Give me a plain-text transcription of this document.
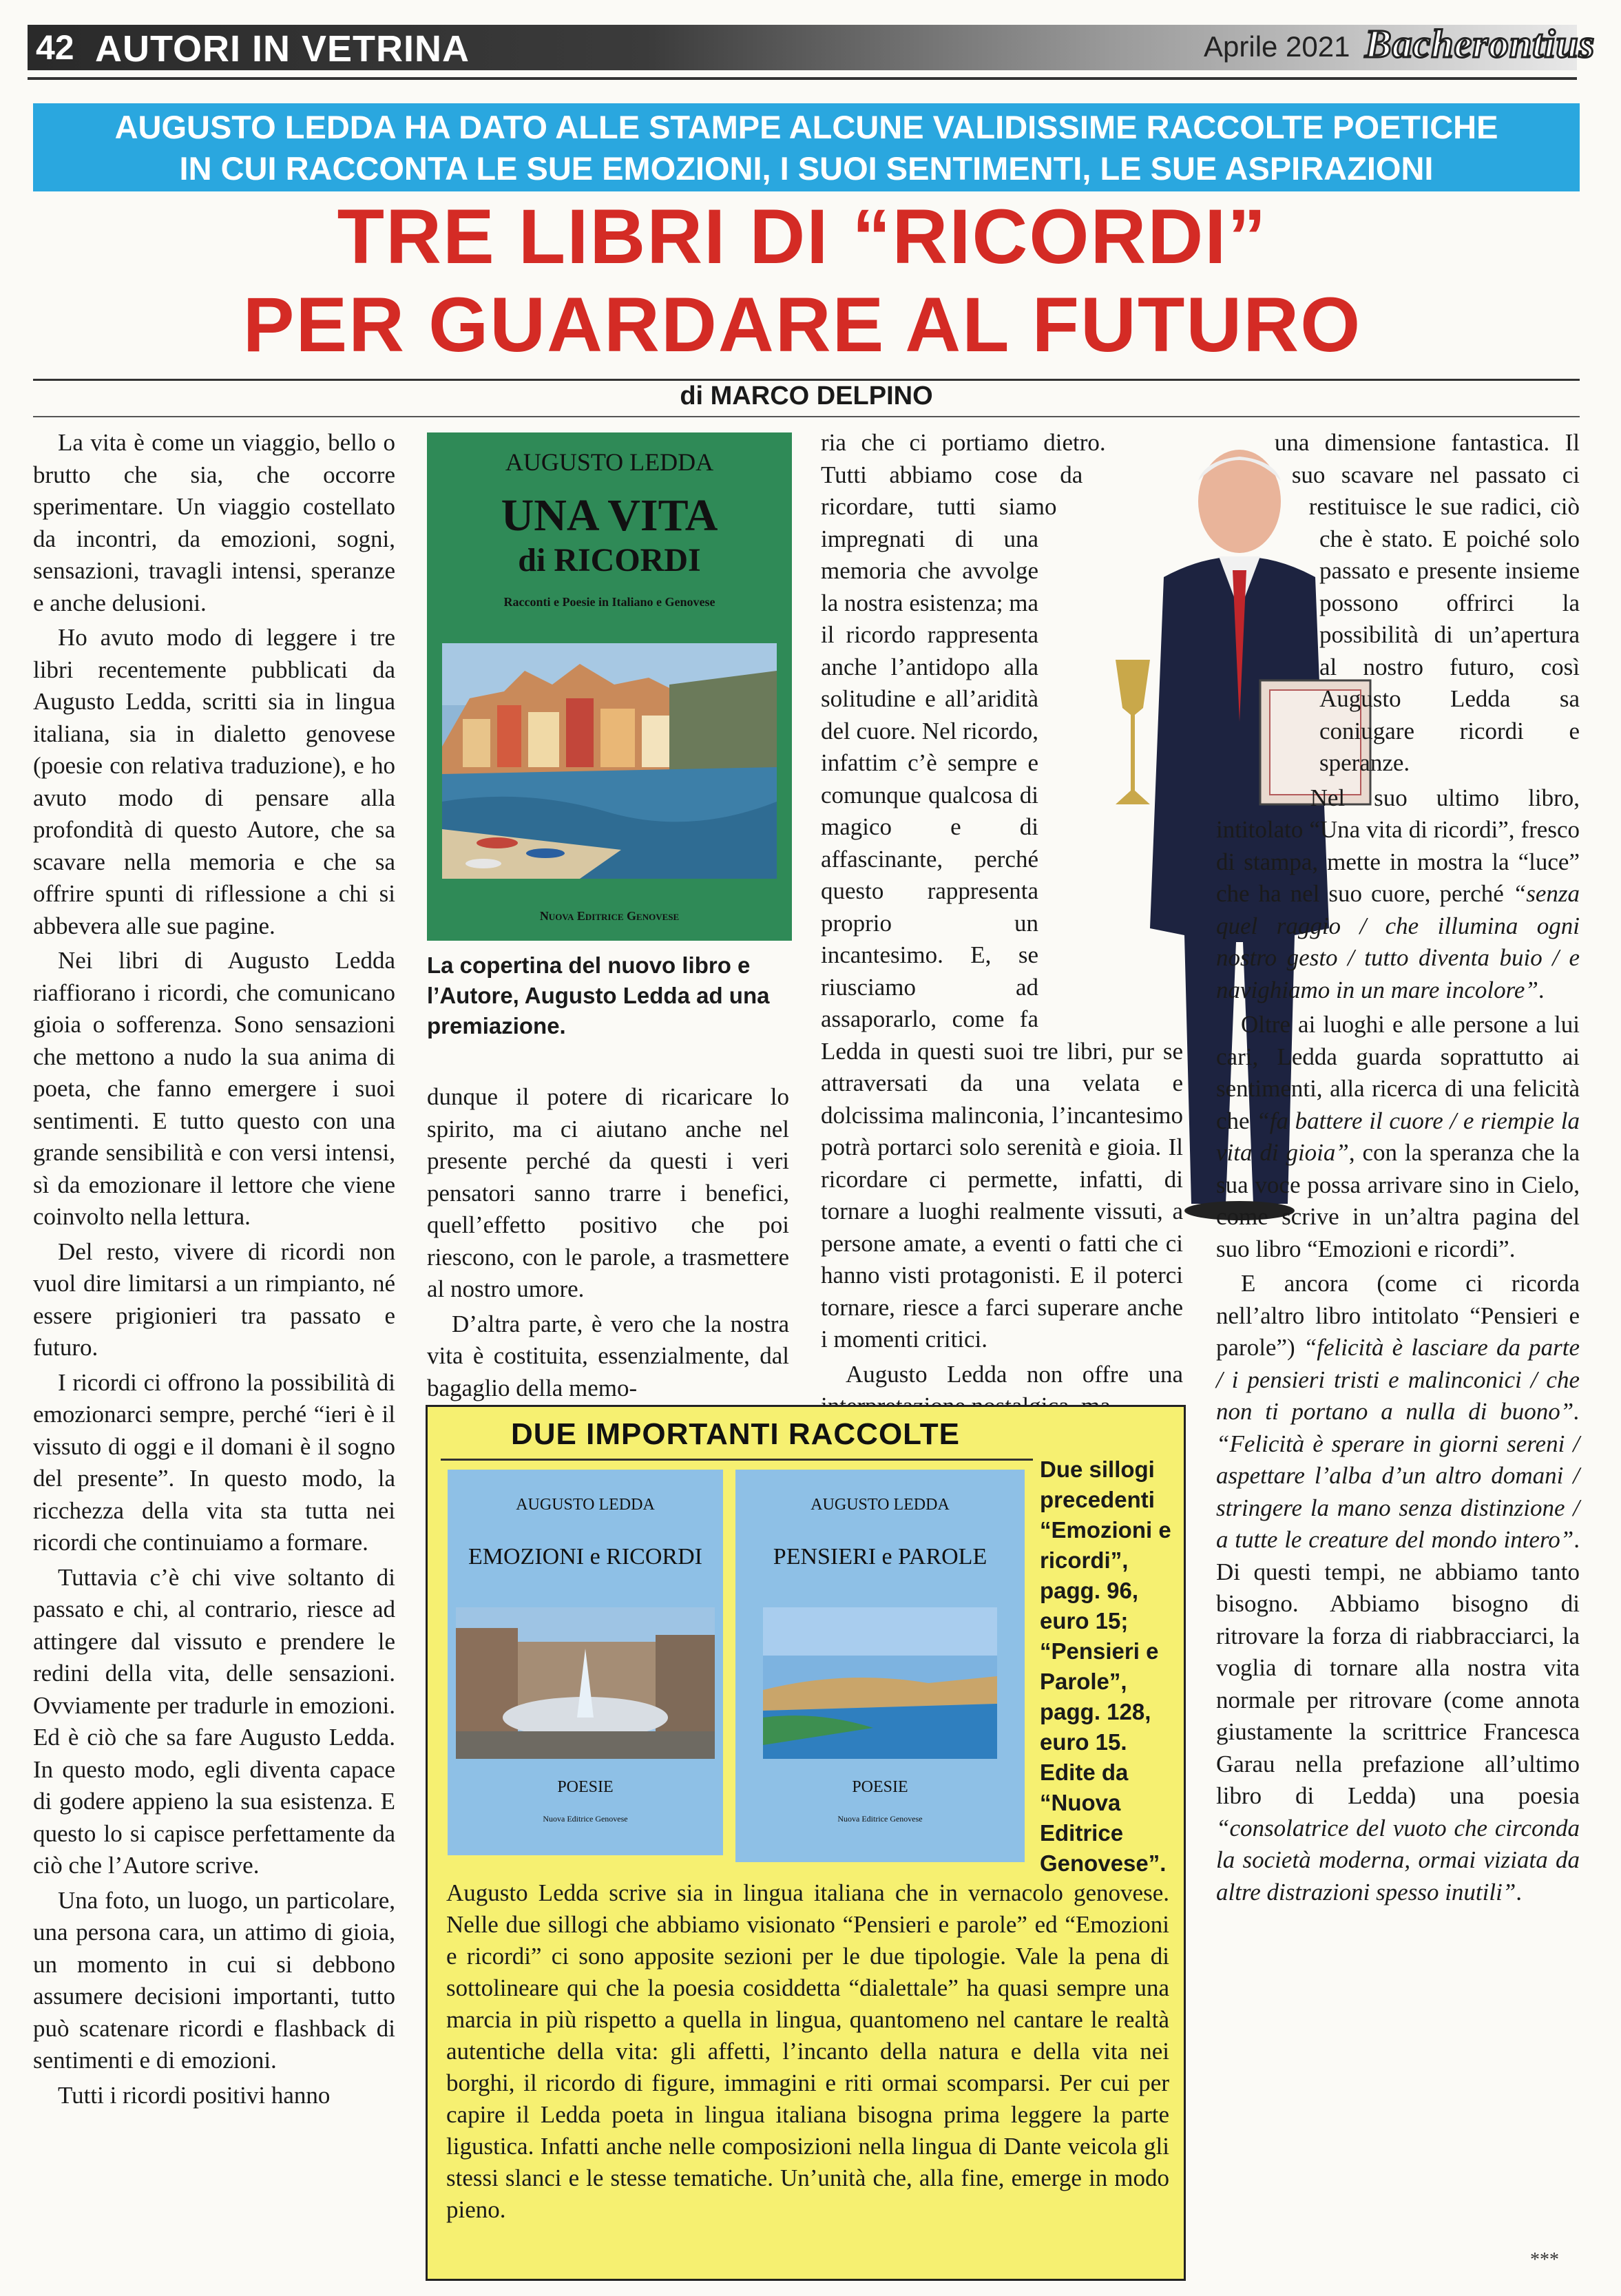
42 AUTORI IN VETRINA	Aprile 2021 Bacherontius
AUGUSTO LEDDA HA DATO ALLE STAMPE ALCUNE VALIDISSIME RACCOLTE POETICHE
IN CUI RACCONTA LE SUE EMOZIONI, I SUOI SENTIMENTI, LE SUE ASPIRAZIONI
TRE LIBRI DI “RICORDI”
PER GUARDARE AL FUTURO
di MARCO DELPINO

La vita è come un viaggio, bello o brutto che sia, che occorre sperimentare. Un viaggio costellato da incontri, da emozioni, sogni, sensazioni, travagli intensi, speranze e anche delusioni.

Ho avuto modo di leggere i tre libri recentemente pubblicati da Augusto Ledda, scritti sia in lingua italiana, sia in dialetto genovese (poesie con relativa traduzione), e ho avuto modo di pensare alla profondità di questo Autore, che sa scavare nella memoria e che sa offrire spunti di riflessione a chi si abbevera alle sue pagine.

Nei libri di Augusto Ledda riaffiorano i ricordi, che comunicano gioia o sofferenza. Sono sensazioni che mettono a nudo la sua anima di poeta, che fanno emergere i suoi sentimenti. E tutto questo con una grande sensibilità e con versi intensi, sì da emozionare il lettore che viene coinvolto nella lettura.

Del resto, vivere di ricordi non vuol dire limitarsi a un rimpianto, né essere prigionieri tra passato e futuro.

I ricordi ci offrono la possibilità di emozionarci sempre, perché “ieri è il vissuto di oggi e il domani è il sogno del presente”. In questo modo, la ricchezza della vita sta tutta nei ricordi che continuiamo a formare.

Tuttavia c’è chi vive soltanto di passato e chi, al contrario, riesce ad attingere dal vissuto e prendere le redini della vita, delle sensazioni. Ovviamente per tradurle in emozioni. Ed è ciò che sa fare Augusto Ledda. In questo modo, egli diventa capace di godere appieno la sua esistenza. E questo lo si capisce perfettamente da ciò che l’Autore scrive.

Una foto, un luogo, un particolare, una persona cara, un attimo di gioia, un momento in cui si debbono assumere decisioni importanti, tutto può scatenare ricordi e flashback di sentimenti e di emozioni.

Tutti i ricordi positivi hanno

AUGUSTO LEDDA
UNA VITA
di RICORDI
Racconti e Poesie in Italiano e Genovese
Nuova Editrice Genovese
La copertina del nuovo libro e l’Autore, Augusto Ledda ad una premiazione.

dunque il potere di ricaricare lo spirito, ma ci aiutano anche nel presente perché da questi i veri pensatori sanno trarre i benefici, quell’effetto positivo che poi riescono, con le parole, a trasmettere al nostro umore.

D’altra parte, è vero che la nostra vita è costituita, essenzialmente, dal bagaglio della memo-

ria che ci portiamo dietro. Tutti abbiamo cose da ricordare, tutti siamo impregnati di una memoria che avvolge la nostra esistenza; ma il ricordo rappresenta anche l’antidopo alla solitudine e all’aridità del cuore. Nel ricordo, infattim c’è sempre e comunque qualcosa di magico e di affascinante, perché questo rappresenta proprio un incantesimo. E, se riusciamo ad assaporarlo, come fa Ledda in questi suoi tre libri, pur se attraversati da una velata e dolcissima malinconia, l’incantesimo potrà portarci solo serenità e gioia. Il ricordare ci permette, infatti, di tornare a luoghi realmente vissuti, a persone amate, a eventi o fatti che ci hanno visti protagonisti. E il poterci tornare, riesce a farci superare anche i momenti critici.

Augusto Ledda non offre una

una dimensione fantastica. Il suo scavare nel passato ci restituisce le sue radici, ciò che è stato. E poiché solo passato e presente insieme possono offrirci la possibilità di un’apertura al nostro futuro, così Augusto Ledda sa coniugare ricordi e speranze.

Nel suo ultimo libro, intitolato “Una vita di ricordi”, fresco di stampa, mette in mostra la “luce” che ha nel suo cuore, perché “senza quel raggio / che illumina ogni nostro gesto / tutto diventa buio / e navighiamo in un mare incolore”.

Oltre ai luoghi e alle persone a lui cari, Ledda guarda soprattutto ai sentimenti, alla ricerca di una felicità che “fa battere il cuore / e riempie la vita di gioia”, con la speranza che la sua voce possa arrivare sino in Cielo, come scrive in un’altra pagina del suo libro “Emozioni e ricordi”.

E ancora (come ci ricorda nell’altro libro intitolato “Pensieri e parole”) “felicità è lasciare da parte / i pensieri tristi e malinconici / che non ti portano a nulla di buono”. “Felicità è sperare in giorni sereni / aspettare l’alba d’un altro domani / stringere la mano senza distinzione / a tutte le creature del mondo intero”. Di questi tempi, ne abbiamo tanto bisogno. Abbiamo bisogno di ritrovare la forza di riabbracciarci, la voglia di tornare alla nostra vita normale per ritrovare (come annota giustamente la scrittrice Francesca Garau nella prefazione all’ultimo libro di Ledda) una poesia “consolatrice del vuoto che circonda la società moderna, ormai viziata da altre distrazioni spesso inutili”.

***
DUE IMPORTANTI RACCOLTE
AUGUSTO LEDDA
EMOZIONI e RICORDI
POESIE
Nuova Editrice Genovese
AUGUSTO LEDDA
PENSIERI e PAROLE
POESIE
Nuova Editrice Genovese
Due sillogi precedenti “Emozioni e ricordi”, pagg. 96, euro 15; “Pensieri e Parole”, pagg. 128, euro 15. Edite da “Nuova Editrice Genovese”.
Augusto Ledda scrive sia in lingua italiana che in vernacolo genovese. Nelle due sillogi che abbiamo visionato “Pensieri e parole” ed “Emozioni e ricordi” ci sono apposite sezioni per le due tipologie. Vale la pena di sottolineare qui che la poesia cosiddetta “dialettale” ha quasi sempre una marcia in più rispetto a quella in lingua, quantomeno nel cantare le realtà autentiche della vita: gli affetti, l’incanto della natura e della vita nei borghi, il ricordo di figure, immagini e riti ormai scomparsi. Per cui per capire il Ledda poeta in lingua italiana bisogna prima leggere la parte ligustica. Infatti anche nelle composizioni nella lingua di Dante veicola gli stessi slanci e le stesse tematiche. Un’unità che, alla fine, emerge in modo pieno.
